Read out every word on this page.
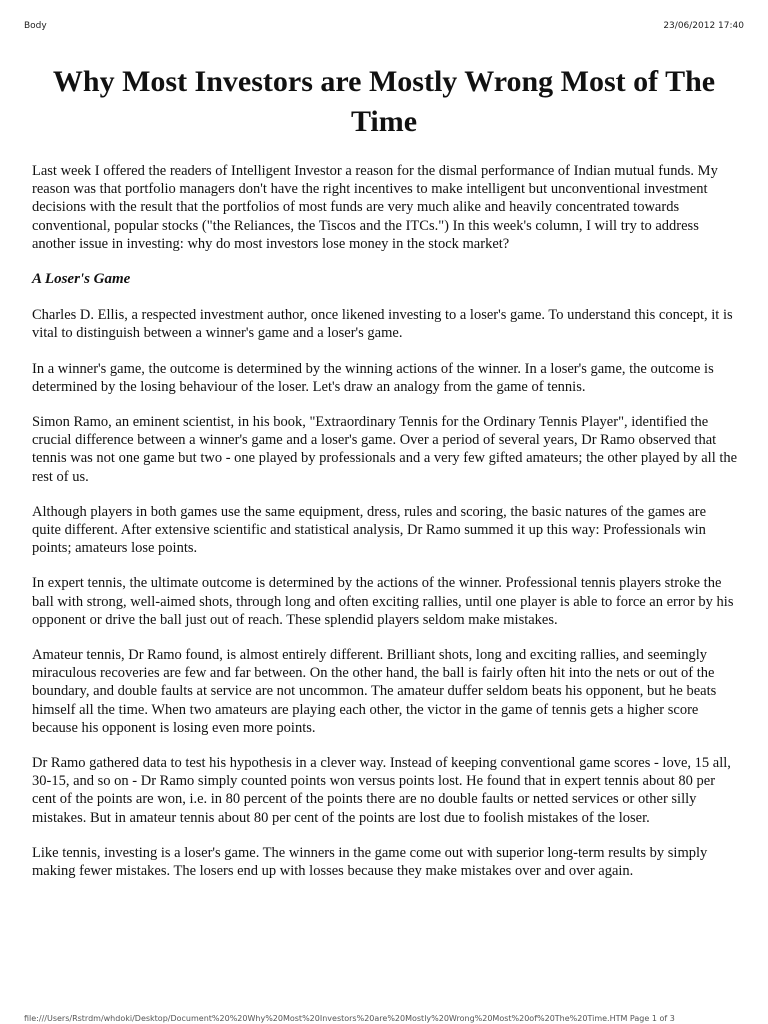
Body	23/06/2012 17:40
Why Most Investors are Mostly Wrong Most of The Time

Last week I offered the readers of Intelligent Investor a reason for the dismal performance of Indian mutual funds. My reason was that portfolio managers don't have the right incentives to make intelligent but unconventional investment decisions with the result that the portfolios of most funds are very much alike and heavily concentrated towards conventional, popular stocks ("the Reliances, the Tiscos and the ITCs.") In this week's column, I will try to address another issue in investing: why do most investors lose money in the stock market?

A Loser's Game

Charles D. Ellis, a respected investment author, once likened investing to a loser's game. To understand this concept, it is vital to distinguish between a winner's game and a loser's game.

In a winner's game, the outcome is determined by the winning actions of the winner. In a loser's game, the outcome is determined by the losing behaviour of the loser. Let's draw an analogy from the game of tennis.

Simon Ramo, an eminent scientist, in his book, "Extraordinary Tennis for the Ordinary Tennis Player", identified the crucial difference between a winner's game and a loser's game. Over a period of several years, Dr Ramo observed that tennis was not one game but two - one played by professionals and a very few gifted amateurs; the other played by all the rest of us.

Although players in both games use the same equipment, dress, rules and scoring, the basic natures of the games are quite different. After extensive scientific and statistical analysis, Dr Ramo summed it up this way: Professionals win points; amateurs lose points.

In expert tennis, the ultimate outcome is determined by the actions of the winner. Professional tennis players stroke the ball with strong, well-aimed shots, through long and often exciting rallies, until one player is able to force an error by his opponent or drive the ball just out of reach. These splendid players seldom make mistakes.

Amateur tennis, Dr Ramo found, is almost entirely different. Brilliant shots, long and exciting rallies, and seemingly miraculous recoveries are few and far between. On the other hand, the ball is fairly often hit into the nets or out of the boundary, and double faults at service are not uncommon. The amateur duffer seldom beats his opponent, but he beats himself all the time. When two amateurs are playing each other, the victor in the game of tennis gets a higher score because his opponent is losing even more points.

Dr Ramo gathered data to test his hypothesis in a clever way. Instead of keeping conventional game scores - love, 15 all, 30-15, and so on - Dr Ramo simply counted points won versus points lost. He found that in expert tennis about 80 per cent of the points are won, i.e. in 80 percent of the points there are no double faults or netted services or other silly mistakes. But in amateur tennis about 80 per cent of the points are lost due to foolish mistakes of the loser.

Like tennis, investing is a loser's game. The winners in the game come out with superior long-term results by simply making fewer mistakes. The losers end up with losses because they make mistakes over and over again.

file:///Users/Rstrdm/whdoki/Desktop/Document%20%20Why%20Most%20Investors%20are%20Mostly%20Wrong%20Most%20of%20The%20Time.HTM Page 1 of 3
